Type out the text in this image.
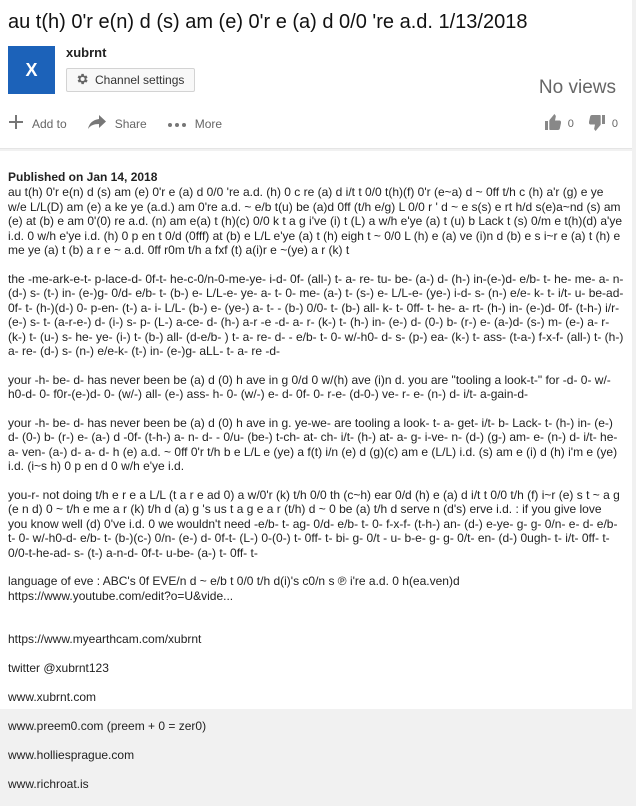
au t(h) 0'r e(n) d (s) am (e) 0'r e (a) d 0/0 're a.d. 1/13/2018
X
xubrnt
Channel settings	No views
Add to	Share	More	0	0
Published on Jan 14, 2018

au t(h) 0'r e(n) d (s) am (e) 0'r e (a) d 0/0 're a.d. (h) 0 c re (a) d i/t t 0/0 t(h)(f) 0'r (e~a) d ~ 0ff t/h c (h) a'r (g) e ye w/e L/L(D) am (e) a ke ye (a.d.) am 0're a.d. ~ e/b t(u) be (a)d 0ff (t/h e/g) L 0/0 r ' d ~ e s(s) e rt h/d s(e)a~nd (s) am (e) at (b) e am 0'(0) re a.d. (n) am e(a) t (h)(c) 0/0 k t a g i've (i) t (L) a w/h e'ye (a) t (u) b Lack t (s) 0/m e t(h)(d) a'ye i.d. 0 w/h e'ye i.d. (h) 0 p en t 0/d (0fff) at (b) e L/L e'ye (a) t (h) eigh t ~ 0/0 L (h) e (a) ve (i)n d (b) e s i~r e (a) t (h) e me ye (a) t (b) a r e ~ a.d. 0ff r0m t/h a fxf (t) a(i)r e ~(ye) a r (k) t

the -me-ark-e-t- p-lace-d- 0f-t- he-c-0/n-0-me-ye- i-d- 0f- (all-) t- a- re- tu- be- (a-) d- (h-) in-(e-)d- e/b- t- he- me- a- n- (d-) s- (t-) in- (e-)g- 0/d- e/b- t- (b-) e- L/L-e- ye- a- t- 0- me- (a-) t- (s-) e- L/L-e- (ye-) i-d- s- (n-) e/e- k- t- i/t- u- be-ad- 0f- t- (h-)(d-) 0- p-en- (t-) a- i- L/L- (b-) e- (ye-) a- t- - (b-) 0/0- t- (b-) all- k- t- 0ff- t- he- a- rt- (h-) in- (e-)d- 0f- (t-h-) i/r- (e-) s- t- (a-r-e-) d- (i-) s- p- (L-) a-ce- d- (h-) a-r -e -d- a- r- (k-) t- (h-) in- (e-) d- (0-) b- (r-) e- (a-)d- (s-) m- (e-) a- r- (k-) t- (u-) s- he- ye- (i-) t- (b-) all- (d-e/b- ) t- a- re- d- - e/b- t- 0- w/-h0- d- s- (p-) ea- (k-) t- ass- (t-a-) f-x-f- (all-) t- (h-) a- re- (d-) s- (n-) e/e-k- (t-) in- (e-)g- aLL- t- a- re -d-

your -h- be- d- has never been be (a) d (0) h ave in g 0/d 0 w/(h) ave (i)n d. you are "tooling a look-t-" for -d- 0- w/-h0-d- 0- f0r-(e-)d- 0- (w/-) all- (e-) ass- h- 0- (w/-) e- d- 0f- 0- r-e- (d-0-) ve- r- e- (n-) d- i/t- a-gain-d-

your -h- be- d- has never been be (a) d (0) h ave in g. ye-we- are tooling a look- t- a- get- i/t- b- Lack- t- (h-) in- (e-) d- (0-) b- (r-) e- (a-) d -0f- (t-h-) a- n- d- - 0/u- (be-) t-ch- at- ch- i/t- (h-) at- a- g- i-ve- n- (d-) (g-) am- e- (n-) d- i/t- he-a- ven- (a-) d- a- d- h (e) a.d. ~ 0ff 0'r t/h b e L/L e (ye) a f(t) i/n (e) d (g)(c) am e (L/L) i.d. (s) am e (i) d (h) i'm e (ye) i.d. (i~s h) 0 p en d 0 w/h e'ye i.d.

you-r- not doing t/h e r e a L/L (t a r e ad 0) a w/0'r (k) t/h 0/0 th (c~h) ear 0/d (h) e (a) d i/t t 0/0 t/h (f) i~r (e) s t ~ a g (e n d) 0 ~ t/h e me a r (k) t/h d (a) g 's us t a g e a r (t/h) d ~ 0 be (a) t/h d serve n (d's) erve i.d. : if you give love you know well (d) 0've i.d. 0 we wouldn't need -e/b- t- ag- 0/d- e/b- t- 0- f-x-f- (t-h-) an- (d-) e-ye- g- g- 0/n- e- d- e/b- t- 0- w/-h0-d- e/b- t- (b-)(c-) 0/n- (e-) d- 0f-t- (L-) 0-(0-) t- 0ff- t- bi- g- 0/t - u- b-e- g- g- 0/t- en- (d-) 0ugh- t- i/t- 0ff- t- 0/0-t-he-ad- s- (t-) a-n-d- 0f-t- u-be- (a-) t- 0ff- t-

language of eve : ABC's 0f EVE/n d ~ e/b t 0/0 t/h d(i)'s c0/n s ℗ i're a.d. 0 h(ea.ven)d
https://www.youtube.com/edit?o=U&vide...

https://www.myearthcam.com/xubrnt

twitter @xubrnt123

www.xubrnt.com

www.preem0.com (preem + 0 = zer0)

www.holliesprague.com

www.richroat.is
